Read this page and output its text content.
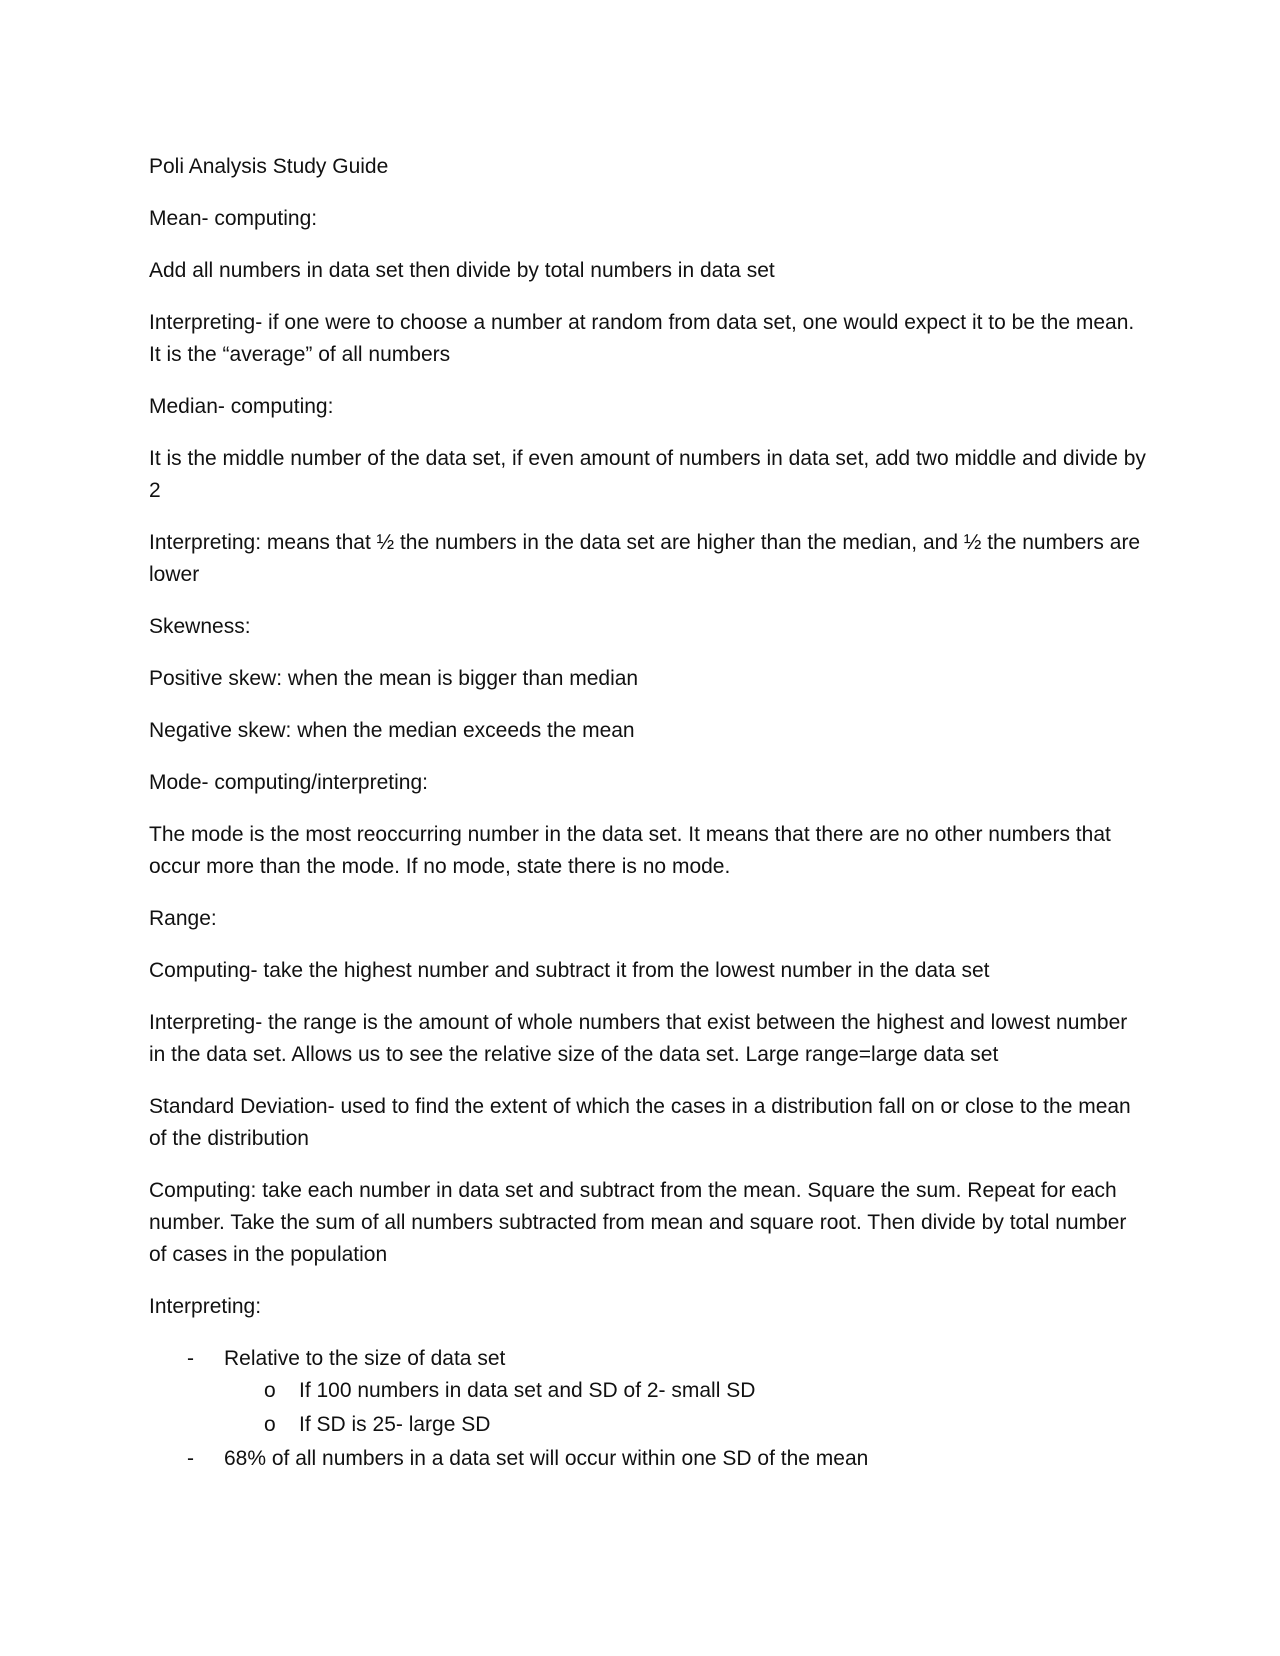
Poli Analysis Study Guide

Mean- computing:

Add all numbers in data set then divide by total numbers in data set

Interpreting- if one were to choose a number at random from data set, one would expect it to be the mean. It is the “average” of all numbers

Median- computing:

It is the middle number of the data set, if even amount of numbers in data set, add two middle and divide by 2

Interpreting: means that ½ the numbers in the data set are higher than the median, and ½ the numbers are lower

Skewness:

Positive skew: when the mean is bigger than median

Negative skew: when the median exceeds the mean

Mode- computing/interpreting:

The mode is the most reoccurring number in the data set. It means that there are no other numbers that occur more than the mode. If no mode, state there is no mode.

Range:

Computing- take the highest number and subtract it from the lowest number in the data set

Interpreting- the range is the amount of whole numbers that exist between the highest and lowest number in the data set. Allows us to see the relative size of the data set. Large range=large data set

Standard Deviation- used to find the extent of which the cases in a distribution fall on or close to the mean of the distribution

Computing: take each number in data set and subtract from the mean. Square the sum. Repeat for each number. Take the sum of all numbers subtracted from mean and square root. Then divide by total number of cases in the population

Interpreting:

- Relative to the size of data set
o If 100 numbers in data set and SD of 2- small SD
o If SD is 25- large SD
- 68% of all numbers in a data set will occur within one SD of the mean
